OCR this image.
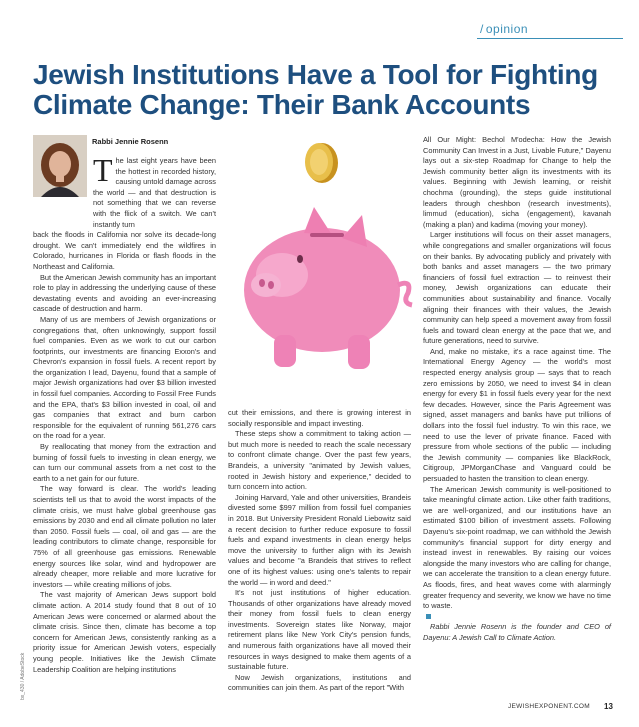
/ opinion
Jewish Institutions Have a Tool for Fighting Climate Change: Their Bank Accounts
Rabbi Jennie Rosenn
The last eight years have been the hottest in recorded history, causing untold damage across the world — and that destruction is not something that we can reverse with the flick of a switch. We can't instantly turn

back the floods in California nor solve its decade-long drought. We can't immediately end the wildfires in Colorado, hurricanes in Florida or flash floods in the Northeast and California.

But the American Jewish community has an important role to play in addressing the underlying cause of these devastating events and avoiding an ever-increasing cascade of destruction and harm.

Many of us are members of Jewish organizations or congregations that, often unknowingly, support fossil fuel companies. Even as we work to cut our carbon footprints, our investments are financing Exxon's and Chevron's expansion in fossil fuels. A recent report by the organization I lead, Dayenu, found that a sample of major Jewish organizations had over $3 billion invested in fossil fuel companies. According to Fossil Free Funds and the EPA, that's $3 billion invested in coal, oil and gas companies that extract and burn carbon responsible for the equivalent of running 561,276 cars on the road for a year.

By reallocating that money from the extraction and burning of fossil fuels to investing in clean energy, we can turn our communal assets from a net cost to the earth to a net gain for our future.

The way forward is clear. The world's leading scientists tell us that to avoid the worst impacts of the climate crisis, we must halve global greenhouse gas emissions by 2030 and end all climate pollution no later than 2050. Fossil fuels — coal, oil and gas — are the leading contributors to climate change, responsible for 75% of all greenhouse gas emissions. Renewable energy sources like solar, wind and hydropower are already cheaper, more reliable and more lucrative for investors — while creating millions of jobs.

The vast majority of American Jews support bold climate action. A 2014 study found that 8 out of 10 American Jews were concerned or alarmed about the climate crisis. Since then, climate has become a top concern for American Jews, consistently ranking as a priority issue for American Jewish voters, especially young people. Initiatives like the Jewish Climate Leadership Coalition are helping institutions

cut their emissions, and there is growing interest in socially responsible and impact investing.

These steps show a commitment to taking action — but much more is needed to reach the scale necessary to confront climate change. Over the past few years, Brandeis, a university "animated by Jewish values, rooted in Jewish history and experience," decided to turn concern into action.

Joining Harvard, Yale and other universities, Brandeis divested some $997 million from fossil fuel companies in 2018. But University President Ronald Liebowitz said a recent decision to further reduce exposure to fossil fuels and expand investments in clean energy helps move the university to further align with its Jewish values and become "a Brandeis that strives to reflect one of its highest values: using one's talents to repair the world — in word and deed."

It's not just institutions of higher education. Thousands of other organizations have already moved their money from fossil fuels to clean energy investments. Sovereign states like Norway, major retirement plans like New York City's pension funds, and numerous faith organizations have all moved their resources in ways designed to make them agents of a sustainable future.

Now Jewish organizations, institutions and communities can join them. As part of the report "With

All Our Might: Bechol M'odecha: How the Jewish Community Can Invest in a Just, Livable Future," Dayenu lays out a six-step Roadmap for Change to help the Jewish community better align its investments with its values. Beginning with Jewish learning, or reishit chochma (grounding), the steps guide institutional leaders through cheshbon (research investments), limmud (education), sicha (engagement), kavanah (making a plan) and kadima (moving your money).

Larger institutions will focus on their asset managers, while congregations and smaller organizations will focus on their banks. By advocating publicly and privately with both banks and asset managers — the two primary financiers of fossil fuel extraction — to reinvest their money, Jewish organizations can educate their communities about sustainability and finance. Vocally aligning their finances with their values, the Jewish community can help speed a movement away from fossil fuels and toward clean energy at the pace that we, and future generations, need to survive.

And, make no mistake, it's a race against time. The International Energy Agency — the world's most respected energy analysis group — says that to reach zero emissions by 2050, we need to invest $4 in clean energy for every $1 in fossil fuels every year for the next few decades. However, since the Paris Agreement was signed, asset managers and banks have put trillions of dollars into the fossil fuel industry. To win this race, we need to use the lever of private finance. Faced with pressure from whole sections of the public — including the Jewish community — companies like BlackRock, Citigroup, JPMorganChase and Vanguard could be persuaded to hasten the transition to clean energy.

The American Jewish community is well-positioned to take meaningful climate action. Like other faith traditions, we are well-organized, and our institutions have an estimated $100 billion of investment assets. Following Dayenu's six-point roadmap, we can withhold the Jewish community's financial support for dirty energy and instead invest in renewables. By raising our voices alongside the many investors who are calling for change, we can accelerate the transition to a clean energy future. As floods, fires, and heat waves come with alarmingly greater frequency and severity, we know we have no time to waste.

Rabbi Jennie Rosenn is the founder and CEO of Dayenu: A Jewish Call to Climate Action.

bx_430 / AdobeStock
JEWISHEXPONENT.COM 13
